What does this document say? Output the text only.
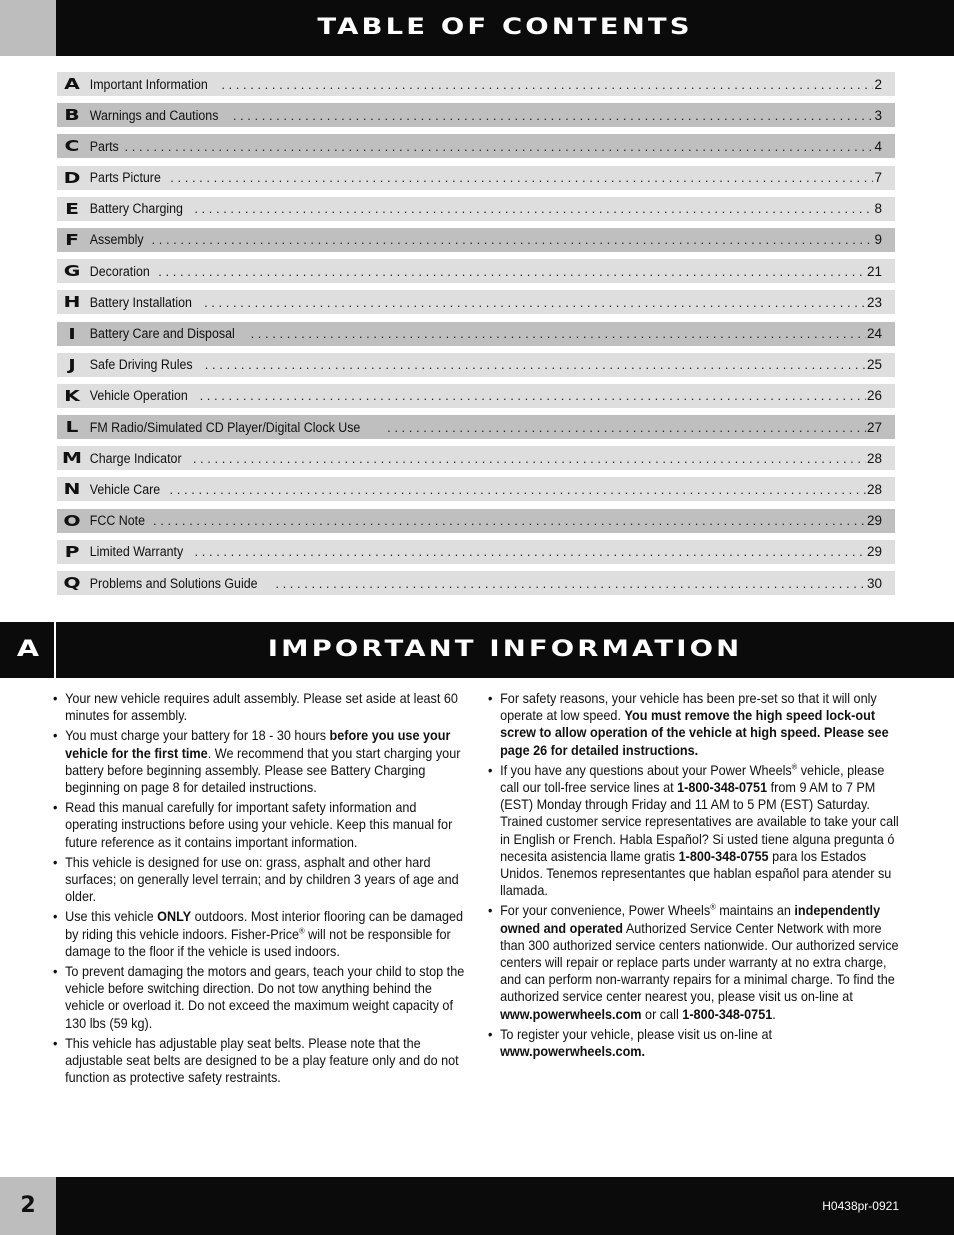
TABLE OF CONTENTS
A Important Information . . .	2
B Warnings and Cautions . . .	3
C Parts . . .	4
D Parts Picture . . .	7
E Battery Charging . . .	8
F Assembly . . .	9
G Decoration . . .	21
H Battery Installation . . .	23
I	Battery Care and Disposal . . .	24
J	Safe Driving Rules . . .	25
K Vehicle Operation . . .	26
L FM Radio/Simulated CD Player/Digital Clock Use . . .	27
M Charge Indicator . . .	28
N Vehicle Care . . .	28
O FCC Note . . .	29
P Limited Warranty . . .	29
Q Problems and Solutions Guide . . .	30
A	IMPORTANT INFORMATION
• Your new vehicle requires adult assembly. Please set aside at least 60 minutes for assembly.
• You must charge your battery for 18 - 30 hours before you use your vehicle for the first time. We recommend that you start charging your battery before beginning assembly. Please see Battery Charging beginning on page 8 for detailed instructions.
• Read this manual carefully for important safety information and operating instructions before using your vehicle. Keep this manual for future reference as it contains important information.
• This vehicle is designed for use on: grass, asphalt and other hard surfaces; on generally level terrain; and by children 3 years of age and older.
• Use this vehicle ONLY outdoors. Most interior flooring can be damaged by riding this vehicle indoors. Fisher-Price® will not be responsible for damage to the floor if the vehicle is used indoors.
• To prevent damaging the motors and gears, teach your child to stop the vehicle before switching direction. Do not tow anything behind the vehicle or overload it. Do not exceed the maximum weight capacity of 130 lbs (59 kg).
• This vehicle has adjustable play seat belts. Please note that the adjustable seat belts are designed to be a play feature only and do not function as protective safety restraints.
• For safety reasons, your vehicle has been pre-set so that it will only operate at low speed. You must remove the high speed lock-out screw to allow operation of the vehicle at high speed. Please see page 26 for detailed instructions.
• If you have any questions about your Power Wheels® vehicle, please call our toll-free service lines at 1-800-348-0751 from 9 AM to 7 PM (EST) Monday through Friday and 11 AM to 5 PM (EST) Saturday. Trained customer service representatives are available to take your call in English or French. Habla Español? Si usted tiene alguna pregunta ó necesita asistencia llame gratis 1-800-348-0755 para los Estados Unidos. Tenemos representantes que hablan español para atender su llamada.
• For your convenience, Power Wheels® maintains an independently owned and operated Authorized Service Center Network with more than 300 authorized service centers nationwide. Our authorized service centers will repair or replace parts under warranty at no extra charge, and can perform non-warranty repairs for a minimal charge. To find the authorized service center nearest you, please visit us on-line at www.powerwheels.com or call 1-800-348-0751.
• To register your vehicle, please visit us on-line at www.powerwheels.com.
2	H0438pr-0921
